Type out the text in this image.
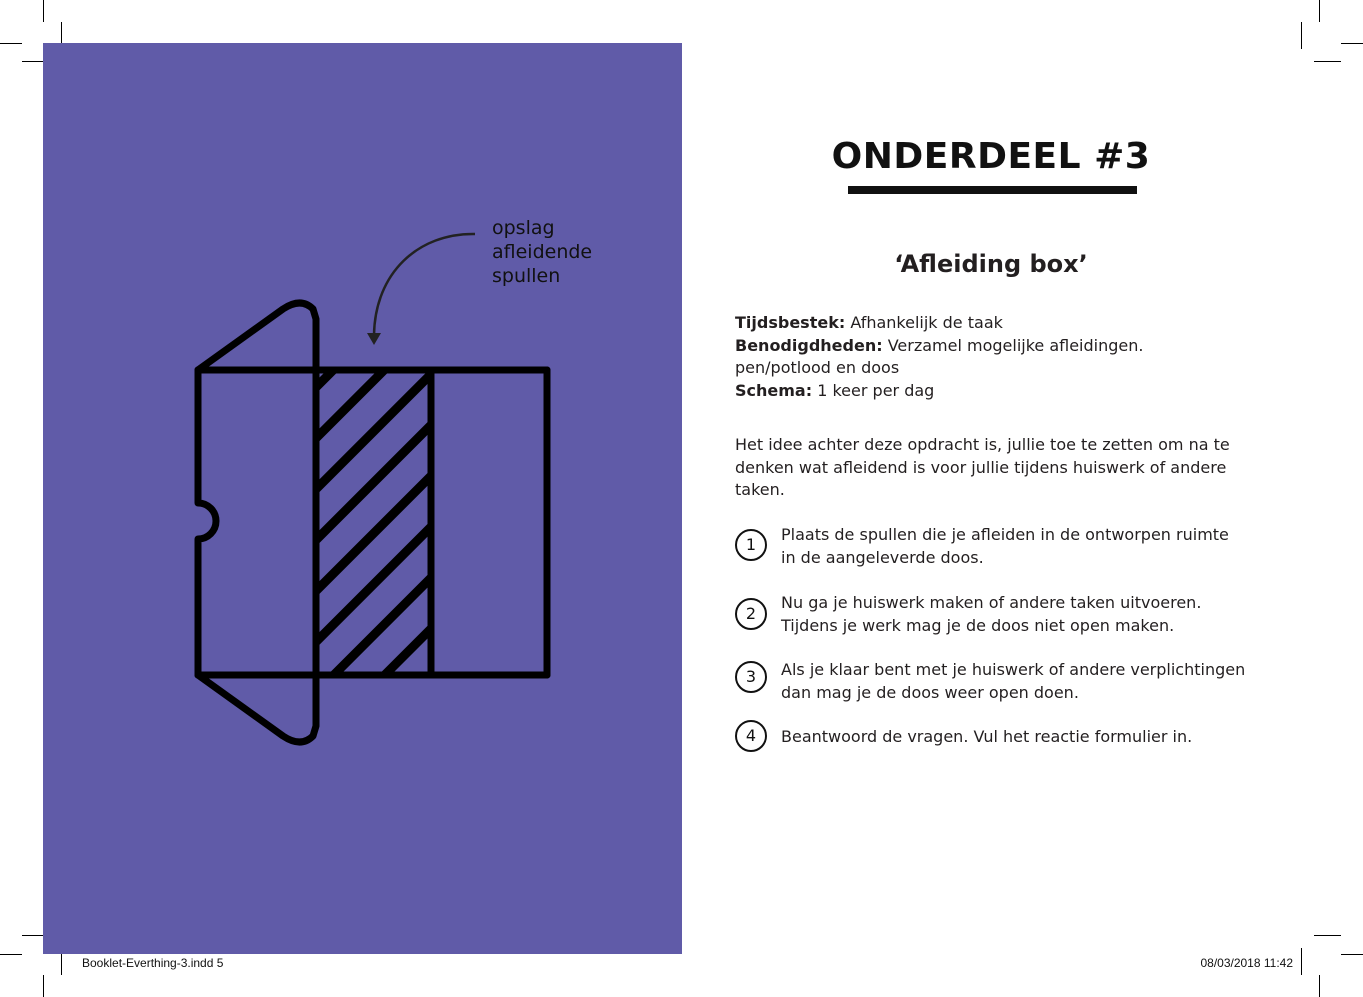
opslag
afleidende
spullen
ONDERDEEL #3
‘Afleiding box’
Tijdsbestek: Afhankelijk de taak
Benodigdheden: Verzamel mogelijke afleidingen.
pen/potlood en doos
Schema: 1 keer per dag
Het idee achter deze opdracht is, jullie toe te zetten om na te denken wat afleidend is voor jullie tijdens huiswerk of andere taken.
1
Plaats de spullen die je afleiden in de ontworpen ruimte in de aangeleverde doos.
2
Nu ga je huiswerk maken of andere taken uitvoeren. Tijdens je werk mag je de doos niet open maken.
3	Als je klaar bent met je huiswerk of andere verplichtingen dan mag je de doos weer open doen.
4	Beantwoord de vragen. Vul het reactie formulier in.
Booklet-Everthing-3.indd 5	08/03/2018 11:42
